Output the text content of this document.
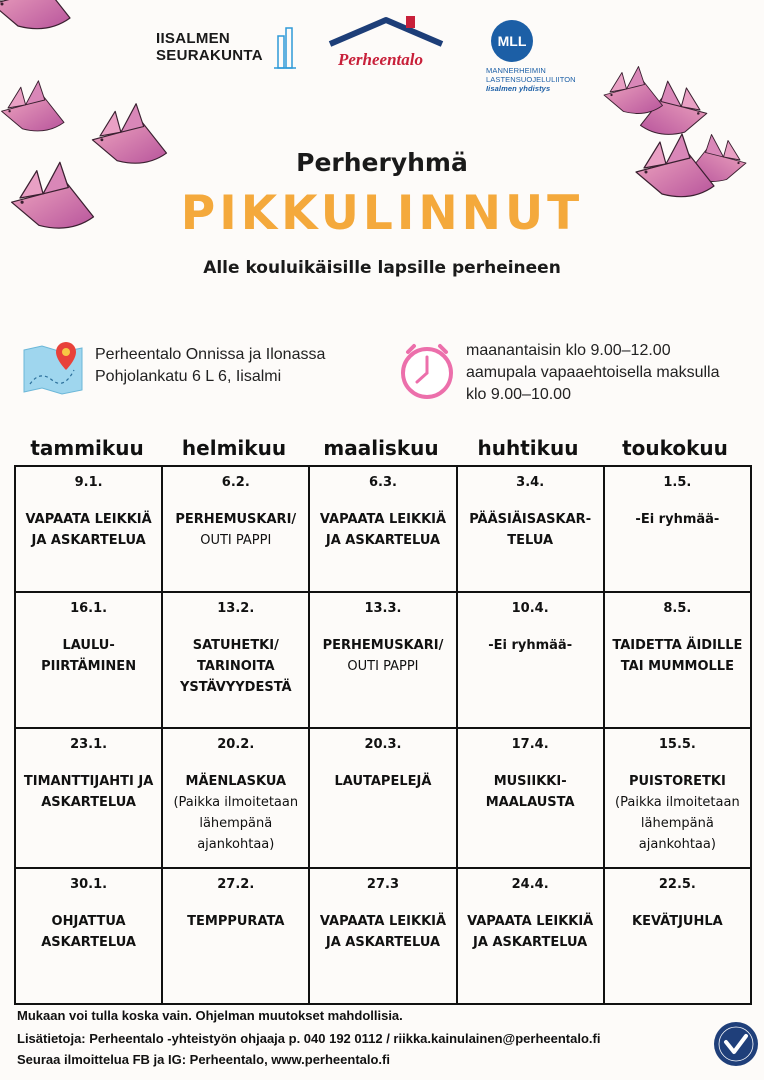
IISALMEN
SEURAKUNTA	Perheentalo
MLL
MANNERHEIMIN
LASTENSUOJELULIITON
Iisalmen yhdistys
Perheryhmä
PIKKULINNUT
Alle kouluikäisille lapsille perheineen
Perheentalo Onnissa ja Ilonassa
Pohjolankatu 6 L 6, Iisalmi
maanantaisin klo 9.00–12.00
aamupala vapaaehtoisella maksulla
klo 9.00–10.00
tammikuu	helmikuu	maaliskuu	huhtikuu	toukokuu
9.1.
VAPAATA LEIKKIÄ
JA ASKARTELUA	6.2.
PERHEMUSKARI/
OUTI PAPPI	6.3.
VAPAATA LEIKKIÄ
JA ASKARTELUA	3.4.
PÄÄSIÄISASKAR-
TELUA	1.5.
-Ei ryhmää-

16.1.
LAULU-
PIIRTÄMINEN	13.2.
SATUHETKI/
TARINOITA
YSTÄVYYDESTÄ	13.3.
PERHEMUSKARI/
OUTI PAPPI	10.4.
-Ei ryhmää-	8.5.
TAIDETTA ÄIDILLE
TAI MUMMOLLE

23.1.
TIMANTTIJAHTI JA
ASKARTELUA	20.2.
MÄENLASKUA
(Paikka ilmoitetaan
lähempänä
ajankohtaa)	20.3.
LAUTAPELEJÄ	17.4.
MUSIIKKI-
MAALAUSTA	15.5.
PUISTORETKI
(Paikka ilmoitetaan
lähempänä
ajankohtaa)

30.1.
OHJATTUA
ASKARTELUA	27.2.
TEMPPURATA	27.3
VAPAATA LEIKKIÄ
JA ASKARTELUA	24.4.
VAPAATA LEIKKIÄ
JA ASKARTELUA	22.5.
KEVÄTJUHLA
Mukaan voi tulla koska vain. Ohjelman muutokset mahdollisia.
Lisätietoja: Perheentalo -yhteistyön ohjaaja p. 040 192 0112 / riikka.kainulainen@perheentalo.fi
Seuraa ilmoittelua FB ja IG: Perheentalo, www.perheentalo.fi
